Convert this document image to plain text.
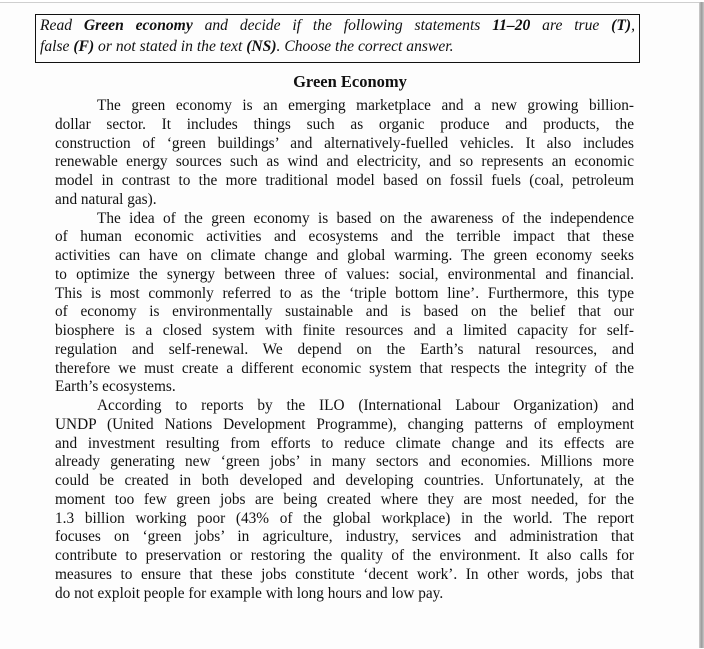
Read Green economy and decide if the following statements 11–20 are true (T),
false (F) or not stated in the text (NS). Choose the correct answer.
Green Economy
The green economy is an emerging marketplace and a new growing billion-
dollar sector. It includes things such as organic produce and products, the
construction of ‘green buildings’ and alternatively-fuelled vehicles. It also includes
renewable energy sources such as wind and electricity, and so represents an economic
model in contrast to the more traditional model based on fossil fuels (coal, petroleum
and natural gas).
The idea of the green economy is based on the awareness of the independence
of human economic activities and ecosystems and the terrible impact that these
activities can have on climate change and global warming. The green economy seeks
to optimize the synergy between three of values: social, environmental and financial.
This is most commonly referred to as the ‘triple bottom line’. Furthermore, this type
of economy is environmentally sustainable and is based on the belief that our
biosphere is a closed system with finite resources and a limited capacity for self-
regulation and self-renewal. We depend on the Earth’s natural resources, and
therefore we must create a different economic system that respects the integrity of the
Earth’s ecosystems.
According to reports by the ILO (International Labour Organization) and
UNDP (United Nations Development Programme), changing patterns of employment
and investment resulting from efforts to reduce climate change and its effects are
already generating new ‘green jobs’ in many sectors and economies. Millions more
could be created in both developed and developing countries. Unfortunately, at the
moment too few green jobs are being created where they are most needed, for the
1.3 billion working poor (43% of the global workplace) in the world. The report
focuses on ‘green jobs’ in agriculture, industry, services and administration that
contribute to preservation or restoring the quality of the environment. It also calls for
measures to ensure that these jobs constitute ‘decent work’. In other words, jobs that
do not exploit people for example with long hours and low pay.
